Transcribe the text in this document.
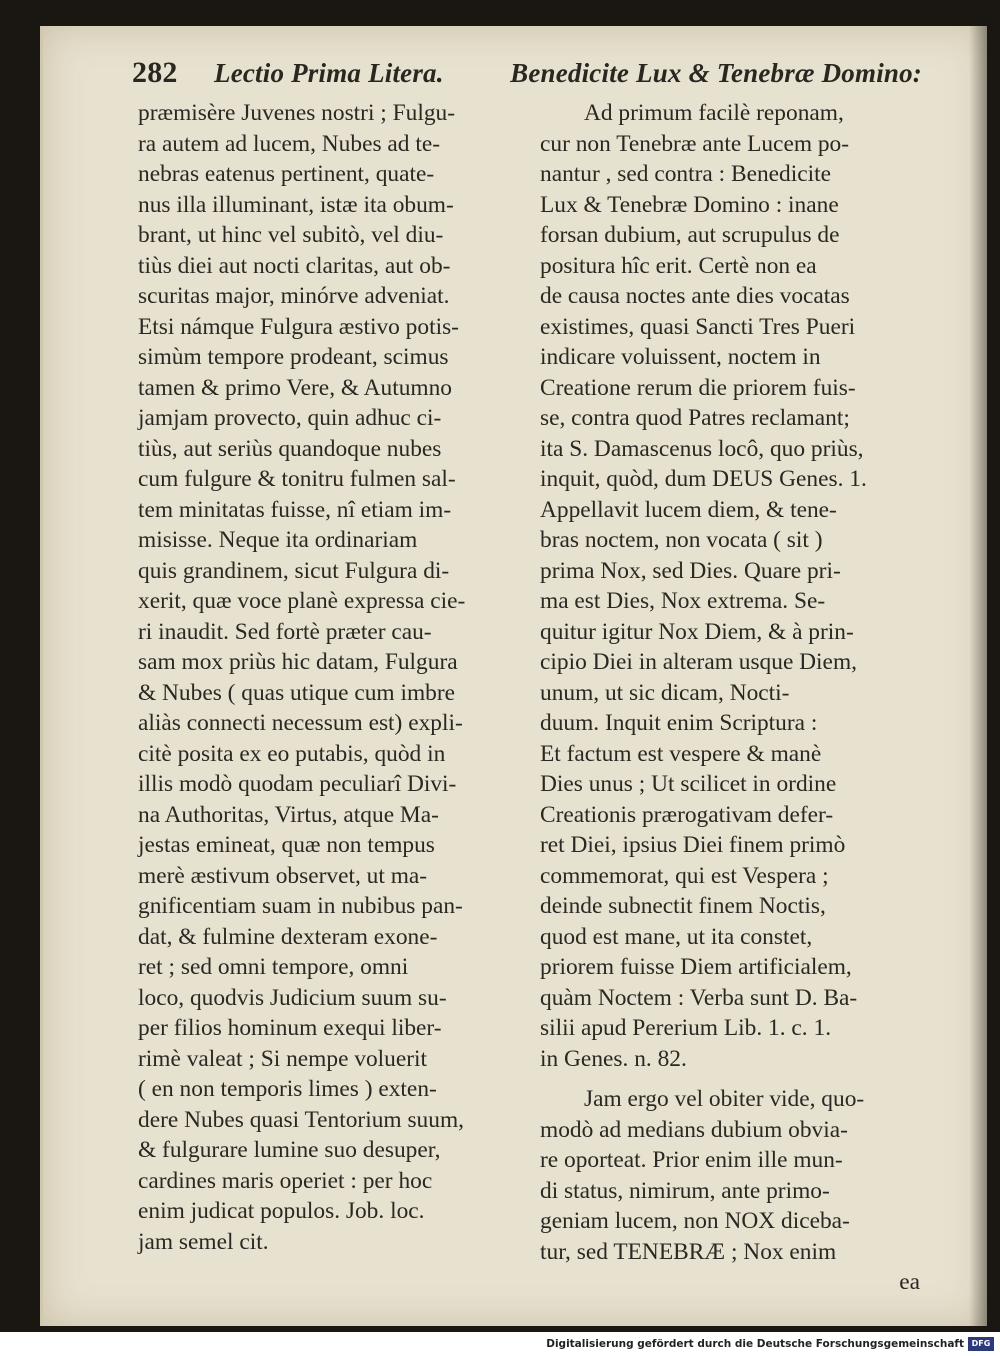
282 Lectio Prima Litera. Benedicite Lux & Tenebræ Domino:
præmisère Juvenes nostri ; Fulgu-
ra autem ad lucem, Nubes ad te-
nebras eatenus pertinent, quate-
nus illa illuminant, istæ ita obum-
brant, ut hinc vel subitò, vel diu-
tiùs diei aut nocti claritas, aut ob-
scuritas major, minórve adveniat.
Etsi námque Fulgura æstivo potis-
simùm tempore prodeant, scimus
tamen & primo Vere, & Autumno
jamjam provecto, quin adhuc ci-
tiùs, aut seriùs quandoque nubes
cum fulgure & tonitru fulmen sal-
tem minitatas fuisse, nî etiam im-
misisse. Neque ita ordinariam
quis grandinem, sicut Fulgura di-
xerit, quæ voce planè expressa cie-
ri inaudit. Sed fortè præter cau-
sam mox priùs hic datam, Fulgura
& Nubes ( quas utique cum imbre
aliàs connecti necessum est) expli-
citè posita ex eo putabis, quòd in
illis modò quodam peculiarî Divi-
na Authoritas, Virtus, atque Ma-
jestas emineat, quæ non tempus
merè æstivum observet, ut ma-
gnificentiam suam in nubibus pan-
dat, & fulmine dexteram exone-
ret ; sed omni tempore, omni
loco, quodvis Judicium suum su-
per filios hominum exequi liber-
rimè valeat ; Si nempe voluerit
( en non temporis limes ) exten-
dere Nubes quasi Tentorium suum,
& fulgurare lumine suo desuper,
cardines maris operiet : per hoc
enim judicat populos. Job. loc.
jam semel cit.
Ad primum facilè reponam,
cur non Tenebræ ante Lucem po-
nantur , sed contra : Benedicite
Lux & Tenebræ Domino : inane
forsan dubium, aut scrupulus de
positura hîc erit. Certè non ea
de causa noctes ante dies vocatas
existimes, quasi Sancti Tres Pueri
indicare voluissent, noctem in
Creatione rerum die priorem fuis-
se, contra quod Patres reclamant;
ita S. Damascenus locô, quo priùs,
inquit, quòd, dum DEUS Genes. 1.
Appellavit lucem diem, & tene-
bras noctem, non vocata ( sit )
prima Nox, sed Dies. Quare pri-
ma est Dies, Nox extrema. Se-
quitur igitur Nox Diem, & à prin-
cipio Diei in alteram usque Diem,
unum, ut sic dicam, Nocti-
duum. Inquit enim Scriptura :
Et factum est vespere & manè
Dies unus ; Ut scilicet in ordine
Creationis prærogativam defer-
ret Diei, ipsius Diei finem primò
commemorat, qui est Vespera ;
deinde subnectit finem Noctis,
quod est mane, ut ita constet,
priorem fuisse Diem artificialem,
quàm Noctem : Verba sunt D. Ba-
silii apud Pererium Lib. 1. c. 1.
in Genes. n. 82.
Jam ergo vel obiter vide, quo-
modò ad medians dubium obvia-
re oporteat. Prior enim ille mun-
di status, nimirum, ante primo-
geniam lucem, non NOX diceba-
tur, sed TENEBRÆ ; Nox enim
ea
Digitalisierung gefördert durch die Deutsche Forschungsgemeinschaft DFG
